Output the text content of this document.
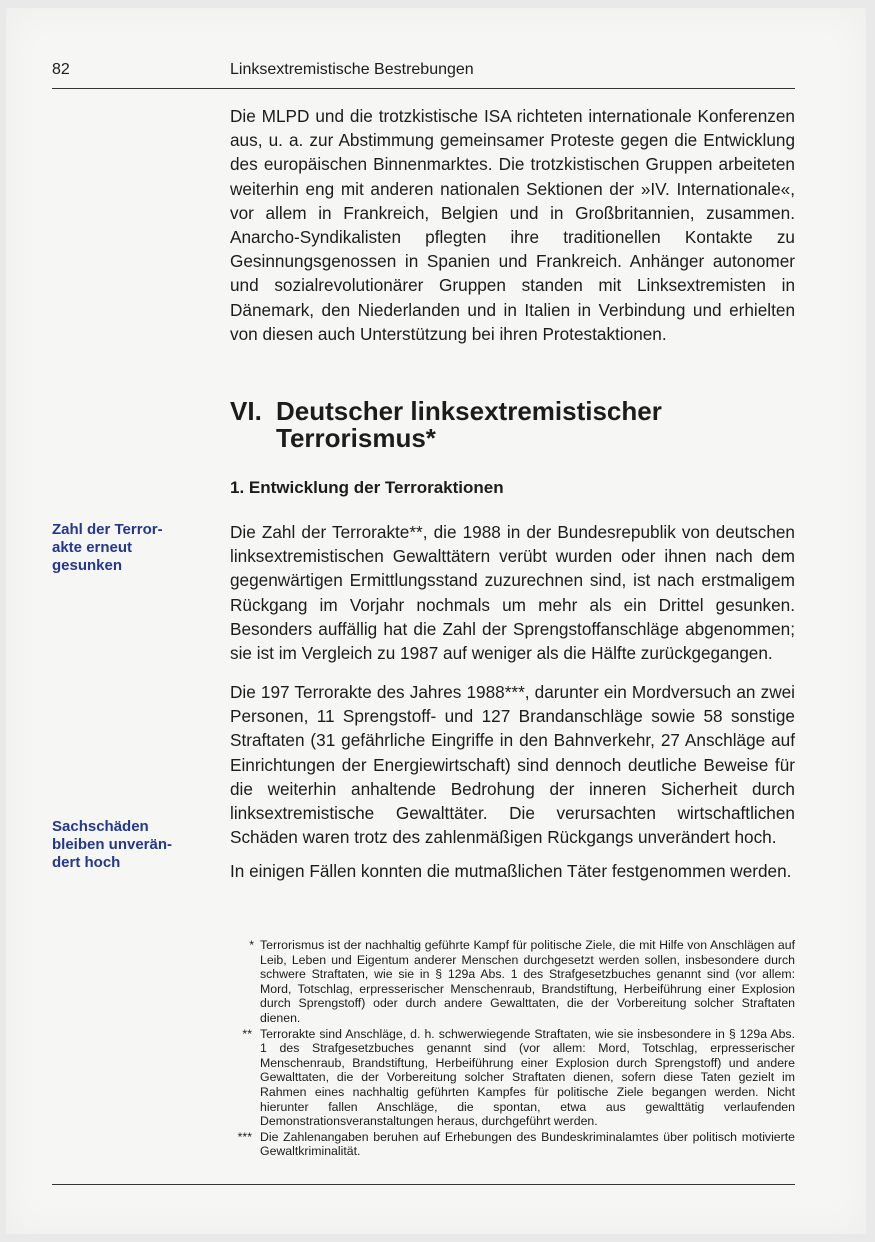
82	Linksextremistische Bestrebungen
Die MLPD und die trotzkistische ISA richteten internationale Konferenzen aus, u. a. zur Abstimmung gemeinsamer Proteste gegen die Entwicklung des europäischen Binnenmarktes. Die trotzkistischen Gruppen arbeiteten weiterhin eng mit anderen nationalen Sektionen der »IV. Internationale«, vor allem in Frankreich, Belgien und in Großbritannien, zusammen. Anarcho-Syndikalisten pflegten ihre traditionellen Kontakte zu Gesinnungsgenossen in Spanien und Frankreich. Anhänger autonomer und sozialrevolutionärer Gruppen standen mit Linksextremisten in Dänemark, den Niederlanden und in Italien in Verbindung und erhielten von diesen auch Unterstützung bei ihren Protestaktionen.
VI. Deutscher linksextremistischer
Terrorismus*
1. Entwicklung der Terroraktionen
Zahl der Terror-
akte erneut
gesunken
Sachschäden
bleiben unverän-
dert hoch
Die Zahl der Terrorakte**, die 1988 in der Bundesrepublik von deutschen linksextremistischen Gewalttätern verübt wurden oder ihnen nach dem gegenwärtigen Ermittlungsstand zuzurechnen sind, ist nach erstmaligem Rückgang im Vorjahr nochmals um mehr als ein Drittel gesunken. Besonders auffällig hat die Zahl der Sprengstoffanschläge abgenommen; sie ist im Vergleich zu 1987 auf weniger als die Hälfte zurückgegangen.
Die 197 Terrorakte des Jahres 1988***, darunter ein Mordversuch an zwei Personen, 11 Sprengstoff- und 127 Brandanschläge sowie 58 sonstige Straftaten (31 gefährliche Eingriffe in den Bahnverkehr, 27 Anschläge auf Einrichtungen der Energiewirtschaft) sind dennoch deutliche Beweise für die weiterhin anhaltende Bedrohung der inneren Sicherheit durch linksextremistische Gewalttäter. Die verursachten wirtschaftlichen Schäden waren trotz des zahlenmäßigen Rückgangs unverändert hoch.
In einigen Fällen konnten die mutmaßlichen Täter festgenommen werden.
* Terrorismus ist der nachhaltig geführte Kampf für politische Ziele, die mit Hilfe von Anschlägen auf Leib, Leben und Eigentum anderer Menschen durchgesetzt werden sollen, insbesondere durch schwere Straftaten, wie sie in § 129a Abs. 1 des Strafgesetzbuches genannt sind (vor allem: Mord, Totschlag, erpresserischer Menschenraub, Brandstiftung, Herbeiführung einer Explosion durch Sprengstoff) oder durch andere Gewalttaten, die der Vorbereitung solcher Straftaten dienen.
** Terrorakte sind Anschläge, d. h. schwerwiegende Straftaten, wie sie insbesondere in § 129a Abs. 1 des Strafgesetzbuches genannt sind (vor allem: Mord, Totschlag, erpresserischer Menschenraub, Brandstiftung, Herbeiführung einer Explosion durch Sprengstoff) und andere Gewalttaten, die der Vorbereitung solcher Straftaten dienen, sofern diese Taten gezielt im Rahmen eines nachhaltig geführten Kampfes für politische Ziele begangen werden. Nicht hierunter fallen Anschläge, die spontan, etwa aus gewalttätig verlaufenden Demonstrationsveranstaltungen heraus, durchgeführt werden.
*** Die Zahlenangaben beruhen auf Erhebungen des Bundeskriminalamtes über politisch motivierte Gewaltkriminalität.
